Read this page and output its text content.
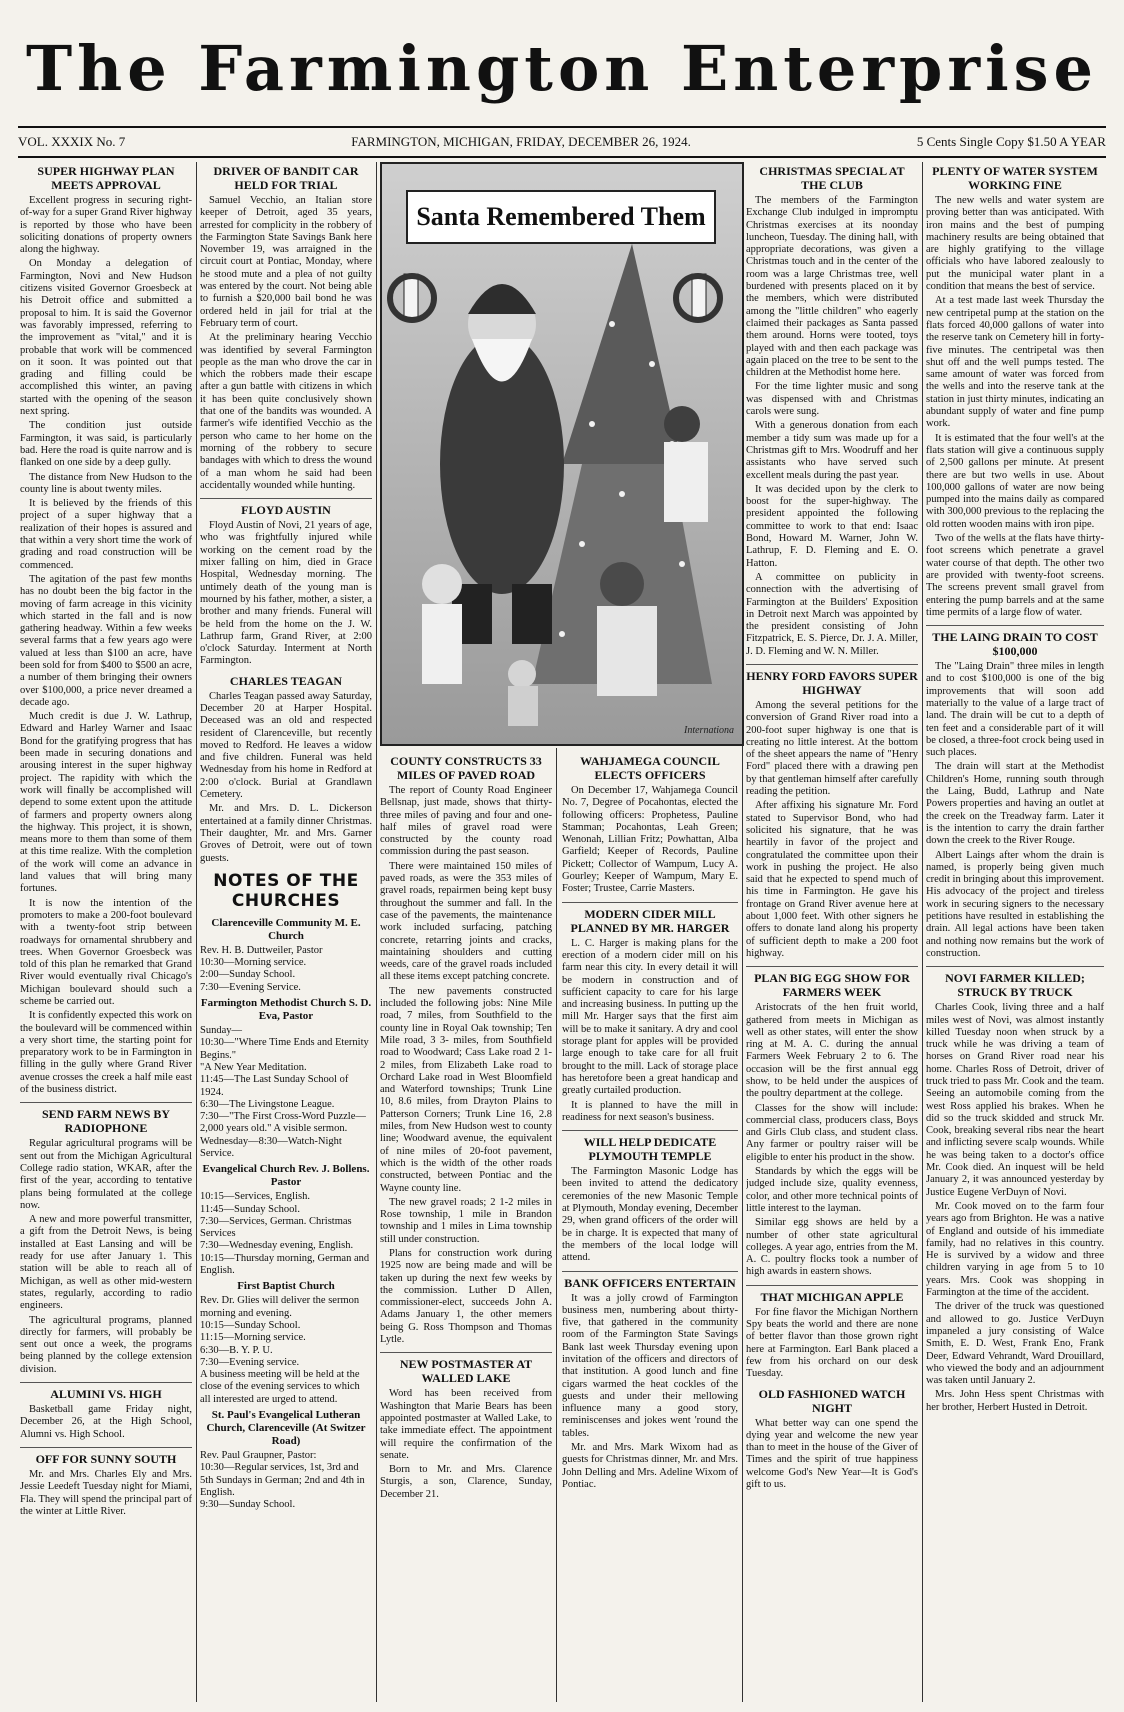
The Farmington Enterprise
VOL. XXXIX No. 7	FARMINGTON, MICHIGAN, FRIDAY, DECEMBER 26, 1924.	5 Cents Single Copy $1.50 A YEAR
SUPER HIGHWAY PLAN MEETS APPROVAL

Excellent progress in securing right-of-way for a super Grand River highway is reported by those who have been soliciting donations of property owners along the highway.

On Monday a delegation of Farmington, Novi and New Hudson citizens visited Governor Groesbeck at his Detroit office and submitted a proposal to him. It is said the Governor was favorably impressed, referring to the improvement as "vital," and it is probable that work will be commenced on it soon. It was pointed out that grading and filling could be accomplished this winter, an paving started with the opening of the season next spring.

The condition just outside Farmington, it was said, is particularly bad. Here the road is quite narrow and is flanked on one side by a deep gully.

The distance from New Hudson to the county line is about twenty miles.

It is believed by the friends of this project of a super highway that a realization of their hopes is assured and that within a very short time the work of grading and road construction will be commenced.

The agitation of the past few months has no doubt been the big factor in the moving of farm acreage in this vicinity which started in the fall and is now gathering headway. Within a few weeks several farms that a few years ago were valued at less than $100 an acre, have been sold for from $400 to $500 an acre, a number of them bringing their owners over $100,000, a price never dreamed a decade ago.

Much credit is due J. W. Lathrup, Edward and Harley Warner and Isaac Bond for the gratifying progress that has been made in securing donations and arousing interest in the super highway project. The rapidity with which the work will finally be accomplished will depend to some extent upon the attitude of farmers and property owners along the highway. This project, it is shown, means more to them than some of them at this time realize. With the completion of the work will come an advance in land values that will bring many fortunes.

It is now the intention of the promoters to make a 200-foot boulevard with a twenty-foot strip between roadways for ornamental shrubbery and trees. When Governor Groesbeck was told of this plan he remarked that Grand River would eventually rival Chicago's Michigan boulevard should such a scheme be carried out.

It is confidently expected this work on the boulevard will be commenced within a very short time, the starting point for preparatory work to be in Farmington in filling in the gully where Grand River avenue crosses the creek a half mile east of the business district.

SEND FARM NEWS BY RADIOPHONE

Regular agricultural programs will be sent out from the Michigan Agricultural College radio station, WKAR, after the first of the year, according to tentative plans being formulated at the college now.

A new and more powerful transmitter, a gift from the Detroit News, is being installed at East Lansing and will be ready for use after January 1. This station will be able to reach all of Michigan, as well as other mid-western states, regularly, according to radio engineers.

The agricultural programs, planned directly for farmers, will probably be sent out once a week, the programs being planned by the college extension division.

ALUMINI VS. HIGH

Basketball game Friday night, December 26, at the High School, Alumni vs. High School.

OFF FOR SUNNY SOUTH

Mr. and Mrs. Charles Ely and Mrs. Jessie Leedeft Tuesday night for Miami, Fla. They will spend the principal part of the winter at Little River.

DRIVER OF BANDIT CAR HELD FOR TRIAL

Samuel Vecchio, an Italian store keeper of Detroit, aged 35 years, arrested for complicity in the robbery of the Farmington State Savings Bank here November 19, was arraigned in the circuit court at Pontiac, Monday, where he stood mute and a plea of not guilty was entered by the court. Not being able to furnish a $20,000 bail bond he was ordered held in jail for trial at the February term of court.

At the preliminary hearing Vecchio was identified by several Farmington people as the man who drove the car in which the robbers made their escape after a gun battle with citizens in which it has been quite conclusively shown that one of the bandits was wounded. A farmer's wife identified Vecchio as the person who came to her home on the morning of the robbery to secure bandages with which to dress the wound of a man whom he said had been accidentally wounded while hunting.

FLOYD AUSTIN

Floyd Austin of Novi, 21 years of age, who was frightfully injured while working on the cement road by the mixer falling on him, died in Grace Hospital, Wednesday morning. The untimely death of the young man is mourned by his father, mother, a sister, a brother and many friends. Funeral will be held from the home on the J. W. Lathrup farm, Grand River, at 2:00 o'clock Saturday. Interment at North Farmington.

CHARLES TEAGAN

Charles Teagan passed away Saturday, December 20 at Harper Hospital. Deceased was an old and respected resident of Clarenceville, but recently moved to Redford. He leaves a widow and five children. Funeral was held Wednesday from his home in Redford at 2:00 o'clock. Burial at Grandlawn Cemetery.

Mr. and Mrs. D. L. Dickerson entertained at a family dinner Christmas. Their daughter, Mr. and Mrs. Garner Groves of Detroit, were out of town guests.

NOTES OF THE CHURCHES
Clarenceville Community M. E. Church

Rev. H. B. Duttweiler, Pastor

10:30—Morning service.

2:00—Sunday School.

7:30—Evening Service.

Farmington Methodist Church S. D. Eva, Pastor

Sunday—

10:30—"Where Time Ends and Eternity Begins."

"A New Year Meditation.

11:45—The Last Sunday School of 1924.

6:30—The Livingstone League.

7:30—"The First Cross-Word Puzzle—2,000 years old." A visible sermon.

Wednesday—8:30—Watch-Night Service.

Evangelical Church Rev. J. Bollens. Pastor

10:15—Services, English.

11:45—Sunday School.

7:30—Services, German. Christmas Services

7:30—Wednesday evening, English.

10:15—Thursday morning, German and English.

First Baptist Church

Rev. Dr. Glies will deliver the sermon morning and evening.

10:15—Sunday School.

11:15—Morning service.

6:30—B. Y. P. U.

7:30—Evening service.

A business meeting will be held at the close of the evening services to which all interested are urged to attend.

St. Paul's Evangelical Lutheran Church, Clarenceville (At Switzer Road)

Rev. Paul Graupner, Pastor:

10:30—Regular services, 1st, 3rd and 5th Sundays in German; 2nd and 4th in English.

9:30—Sunday School.

Santa Remembered Them
Internationa
COUNTY CONSTRUCTS 33 MILES OF PAVED ROAD

The report of County Road Engineer Bellsnap, just made, shows that thirty-three miles of paving and four and one-half miles of gravel road were constructed by the county road commission during the past season.

There were maintained 150 miles of paved roads, as were the 353 miles of gravel roads, repairmen being kept busy throughout the summer and fall. In the case of the pavements, the maintenance work included surfacing, patching concrete, retarring joints and cracks, maintaining shoulders and cutting weeds, care of the gravel roads included all these items except patching concrete.

The new pavements constructed included the following jobs: Nine Mile road, 7 miles, from Southfield to the county line in Royal Oak township; Ten Mile road, 3 3- miles, from Southfield road to Woodward; Cass Lake road 2 1-2 miles, from Elizabeth Lake road to Orchard Lake road in West Bloomfield and Waterford townships; Trunk Line 10, 8.6 miles, from Drayton Plains to Patterson Corners; Trunk Line 16, 2.8 miles, from New Hudson west to county line; Woodward avenue, the equivalent of nine miles of 20-foot pavement, which is the width of the other roads constructed, between Pontiac and the Wayne county line.

The new gravel roads; 2 1-2 miles in Rose township, 1 mile in Brandon township and 1 miles in Lima township still under construction.

Plans for construction work during 1925 now are being made and will be taken up during the next few weeks by the commission. Luther D Allen, commissioner-elect, succeeds John A. Adams January 1, the other memers being G. Ross Thompson and Thomas Lytle.

NEW POSTMASTER AT WALLED LAKE

Word has been received from Washington that Marie Bears has been appointed postmaster at Walled Lake, to take immediate effect. The appointment will require the confirmation of the senate.

Born to Mr. and Mrs. Clarence Sturgis, a son, Clarence, Sunday, December 21.

WAHJAMEGA COUNCIL ELECTS OFFICERS

On December 17, Wahjamega Council No. 7, Degree of Pocahontas, elected the following officers: Prophetess, Pauline Stamman; Pocahontas, Leah Green; Wenonah, Lillian Fritz; Powhattan, Alba Garfield; Keeper of Records, Pauline Pickett; Collector of Wampum, Lucy A. Gourley; Keeper of Wampum, Mary E. Foster; Trustee, Carrie Masters.

MODERN CIDER MILL PLANNED BY MR. HARGER

L. C. Harger is making plans for the erection of a modern cider mill on his farm near this city. In every detail it will be modern in construction and of sufficient capacity to care for his large and increasing business. In putting up the mill Mr. Harger says that the first aim will be to make it sanitary. A dry and cool storage plant for apples will be provided large enough to take care for all fruit brought to the mill. Lack of storage place has heretofore been a great handicap and greatly curtailed production.

It is planned to have the mill in readiness for next season's business.

WILL HELP DEDICATE PLYMOUTH TEMPLE

The Farmington Masonic Lodge has been invited to attend the dedicatory ceremonies of the new Masonic Temple at Plymouth, Monday evening, December 29, when grand officers of the order will be in charge. It is expected that many of the members of the local lodge will attend.

BANK OFFICERS ENTERTAIN

It was a jolly crowd of Farmington business men, numbering about thirty-five, that gathered in the community room of the Farmington State Savings Bank last week Thursday evening upon invitation of the officers and directors of that institution. A good lunch and fine cigars warmed the heat cockles of the guests and under their mellowing influence many a good story, reminiscenses and jokes went 'round the tables.

Mr. and Mrs. Mark Wixom had as guests for Christmas dinner, Mr. and Mrs. John Delling and Mrs. Adeline Wixom of Pontiac.

CHRISTMAS SPECIAL AT THE CLUB

The members of the Farmington Exchange Club indulged in impromptu Christmas exercises at its noonday luncheon, Tuesday. The dining hall, with appropriate decorations, was given a Christmas touch and in the center of the room was a large Christmas tree, well burdened with presents placed on it by the members, which were distributed among the "little children" who eagerly claimed their packages as Santa passed them around. Horns were tooted, toys played with and then each package was again placed on the tree to be sent to the children at the Methodist home here.

For the time lighter music and song was dispensed with and Christmas carols were sung.

With a generous donation from each member a tidy sum was made up for a Christmas gift to Mrs. Woodruff and her assistants who have served such excellent meals during the past year.

It was decided upon by the clerk to boost for the super-highway. The president appointed the following committee to work to that end: Isaac Bond, Howard M. Warner, John W. Lathrup, F. D. Fleming and E. O. Hatton.

A committee on publicity in connection with the advertising of Farmington at the Builders' Exposition in Detroit next March was appointed by the president consisting of John Fitzpatrick, E. S. Pierce, Dr. J. A. Miller, J. D. Fleming and W. N. Miller.

HENRY FORD FAVORS SUPER HIGHWAY

Among the several petitions for the conversion of Grand River road into a 200-foot super highway is one that is creating no little interest. At the bottom of the sheet appears the name of "Henry Ford" placed there with a drawing pen by that gentleman himself after carefully reading the petition.

After affixing his signature Mr. Ford stated to Supervisor Bond, who had solicited his signature, that he was heartily in favor of the project and congratulated the committee upon their work in pushing the project. He also said that he expected to spend much of his time in Farmington. He gave his frontage on Grand River avenue here at about 1,000 feet. With other signers he offers to donate land along his property of sufficient depth to make a 200 foot highway.

PLAN BIG EGG SHOW FOR FARMERS WEEK

Aristocrats of the hen fruit world, gathered from meets in Michigan as well as other states, will enter the show ring at M. A. C. during the annual Farmers Week February 2 to 6. The occasion will be the first annual egg show, to be held under the auspices of the poultry department at the college.

Classes for the show will include: commercial class, producers class, Boys and Girls Club class, and student class. Any farmer or poultry raiser will be eligible to enter his product in the show.

Standards by which the eggs will be judged include size, quality evenness, color, and other more technical points of little interest to the layman.

Similar egg shows are held by a number of other state agricultural colleges. A year ago, entries from the M. A. C. poultry flocks took a number of high awards in eastern shows.

THAT MICHIGAN APPLE

For fine flavor the Michigan Northern Spy beats the world and there are none of better flavor than those grown right here at Farmington. Earl Bank placed a few from his orchard on our desk Tuesday.

OLD FASHIONED WATCH NIGHT

What better way can one spend the dying year and welcome the new year than to meet in the house of the Giver of Times and the spirit of true happiness welcome God's New Year—It is God's gift to us.

PLENTY OF WATER SYSTEM WORKING FINE

The new wells and water system are proving better than was anticipated. With iron mains and the best of pumping machinery results are being obtained that are highly gratifying to the village officials who have labored zealously to put the municipal water plant in a condition that means the best of service.

At a test made last week Thursday the new centripetal pump at the station on the flats forced 40,000 gallons of water into the reserve tank on Cemetery hill in forty-five minutes. The centripetal was then shut off and the well pumps tested. The same amount of water was forced from the wells and into the reserve tank at the station in just thirty minutes, indicating an abundant supply of water and fine pump work.

It is estimated that the four well's at the flats station will give a continuous supply of 2,500 gallons per minute. At present there are but two wells in use. About 100,000 gallons of water are now being pumped into the mains daily as compared with 300,000 previous to the replacing the old rotten wooden mains with iron pipe.

Two of the wells at the flats have thirty-foot screens which penetrate a gravel water course of that depth. The other two are provided with twenty-foot screens. The screens prevent small gravel from entering the pump barrels and at the same time permits of a large flow of water.

THE LAING DRAIN TO COST $100,000

The "Laing Drain" three miles in length and to cost $100,000 is one of the big improvements that will soon add materially to the value of a large tract of land. The drain will be cut to a depth of ten feet and a considerable part of it will be closed, a three-foot crock being used in such places.

The drain will start at the Methodist Children's Home, running south through the Laing, Budd, Lathrup and Nate Powers properties and having an outlet at the creek on the Treadway farm. Later it is the intention to carry the drain farther down the creek to the River Rouge.

Albert Laings after whom the drain is named, is properly being given much credit in bringing about this improvement. His advocacy of the project and tireless work in securing signers to the necessary petitions have resulted in establishing the drain. All legal actions have been taken and nothing now remains but the work of construction.

NOVI FARMER KILLED; STRUCK BY TRUCK

Charles Cook, living three and a half miles west of Novi, was almost instantly killed Tuesday noon when struck by a truck while he was driving a team of horses on Grand River road near his home. Charles Ross of Detroit, driver of truck tried to pass Mr. Cook and the team. Seeing an automobile coming from the west Ross applied his brakes. When he did so the truck skidded and struck Mr. Cook, breaking several ribs near the heart and inflicting severe scalp wounds. While he was being taken to a doctor's office Mr. Cook died. An inquest will be held January 2, it was announced yesterday by Justice Eugene VerDuyn of Novi.

Mr. Cook moved on to the farm four years ago from Brighton. He was a native of England and outside of his immediate family, had no relatives in this country. He is survived by a widow and three children varying in age from 5 to 10 years. Mrs. Cook was shopping in Farmington at the time of the accident.

The driver of the truck was questioned and allowed to go. Justice VerDuyn impaneled a jury consisting of Walce Smith, E. D. West, Frank Eno, Frank Deer, Edward Vehrandt, Ward Drouillard, who viewed the body and an adjournment was taken until January 2.

Mrs. John Hess spent Christmas with her brother, Herbert Husted in Detroit.
